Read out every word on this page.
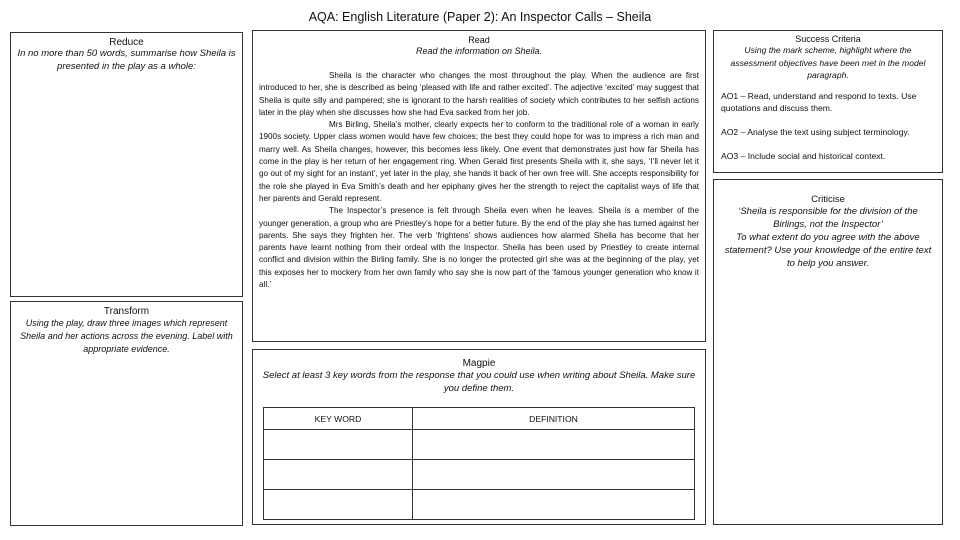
AQA: English Literature (Paper 2): An Inspector Calls – Sheila

Reduce

In no more than 50 words, summarise how Sheila is presented in the play as a whole:

Transform

Using the play, draw three images which represent Sheila and her actions across the evening. Label with appropriate evidence.

Read

Read the information on Sheila.

Sheila is the character who changes the most throughout the play. When the audience are first introduced to her, she is described as being ‘pleased with life and rather excited’. The adjective ‘excited’ may suggest that Sheila is quite silly and pampered; she is ignorant to the harsh realities of society which contributes to her selfish actions later in the play when she discusses how she had Eva sacked from her job.

Mrs Birling, Sheila’s mother, clearly expects her to conform to the traditional role of a woman in early 1900s society. Upper class women would have few choices; the best they could hope for was to impress a rich man and marry well. As Sheila changes, however, this becomes less likely. One event that demonstrates just how far Sheila has come in the play is her return of her engagement ring. When Gerald first presents Sheila with it, she says, ‘I’ll never let it go out of my sight for an instant’, yet later in the play, she hands it back of her own free will. She accepts responsibility for the role she played in Eva Smith’s death and her epiphany gives her the strength to reject the capitalist ways of life that her parents and Gerald represent.

The Inspector’s presence is felt through Sheila even when he leaves. Sheila is a member of the younger generation, a group who are Priestley’s hope for a better future. By the end of the play she has turned against her parents. She says they frighten her. The verb ‘frightens’ shows audiences how alarmed Sheila has become that her parents have learnt nothing from their ordeal with the Inspector. Sheila has been used by Priestley to create internal conflict and division within the Birling family. She is no longer the protected girl she was at the beginning of the play, yet this exposes her to mockery from her own family who say she is now part of the ‘famous younger generation who know it all.’

Magpie

Select at least 3 key words from the response that you could use when writing about Sheila. Make sure you define them.
KEY WORD	DEFINITION

Success Criteria

Using the mark scheme, highlight where the assessment objectives have been met in the model paragraph.
AO1 – Read, understand and respond to texts. Use quotations and discuss them.
AO2 – Analyse the text using subject terminology.
AO3 – Include social and historical context.

Criticise

‘Sheila is responsible for the division of the Birlings, not the Inspector’

To what extent do you agree with the above statement? Use your knowledge of the entire text to help you answer.
